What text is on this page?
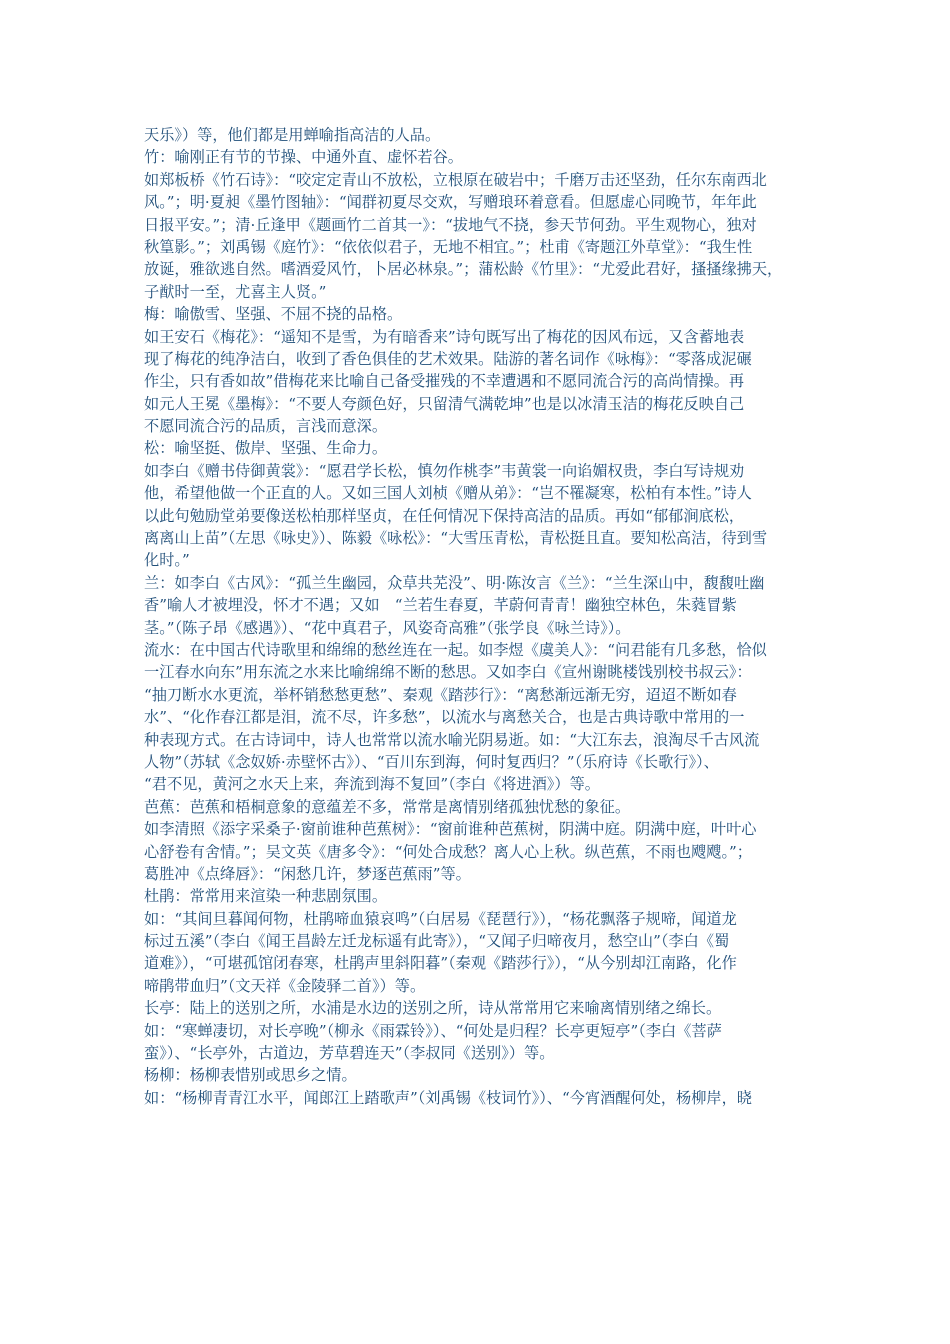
天乐》）等，他们都是用蝉喻指高洁的人品。
竹：喻刚正有节的节操、中通外直、虚怀若谷。
如郑板桥《竹石诗》：“咬定定青山不放松，立根原在破岩中；千磨万击还坚劲，任尔东南西北
风。”；明·夏昶《墨竹图轴》：“闻群初夏尽交欢，写赠琅环着意看。但愿虚心同晚节，年年此
日报平安。”；清·丘逢甲《题画竹二首其一》：“拔地气不挠，参天节何劲。平生观物心，独对
秋篁影。”；刘禹锡《庭竹》：“依依似君子，无地不相宜。”；杜甫《寄题江外草堂》：“我生性
放诞，雅欲逃自然。嗜酒爱风竹，卜居必林泉。”；蒲松龄《竹里》：“尤爱此君好，搔搔缘拂天，
子猷时一至，尤喜主人贤。”
梅：喻傲雪、坚强、不屈不挠的品格。
如王安石《梅花》：“遥知不是雪，为有暗香来”诗句既写出了梅花的因风布远，又含蓄地表
现了梅花的纯净洁白，收到了香色俱佳的艺术效果。陆游的著名词作《咏梅》：“零落成泥碾
作尘，只有香如故”借梅花来比喻自己备受摧残的不幸遭遇和不愿同流合污的高尚情操。再
如元人王冕《墨梅》：“不要人夸颜色好，只留清气满乾坤”也是以冰清玉洁的梅花反映自己
不愿同流合污的品质，言浅而意深。
松：喻坚挺、傲岸、坚强、生命力。
如李白《赠书侍御黄裳》：“愿君学长松，慎勿作桃李”韦黄裳一向谄媚权贵，李白写诗规劝
他，希望他做一个正直的人。又如三国人刘桢《赠从弟》：“岂不罹凝寒，松柏有本性。”诗人
以此句勉励堂弟要像送松柏那样坚贞，在任何情况下保持高洁的品质。再如“郁郁涧底松，
离离山上苗”（左思《咏史》）、陈毅《咏松》：“大雪压青松，青松挺且直。要知松高洁，待到雪
化时。”
兰：如李白《古风》：“孤兰生幽园，众草共芜没”、明·陈汝言《兰》：“兰生深山中，馥馥吐幽
香”喻人才被埋没，怀才不遇；又如　“兰若生春夏，芊蔚何青青！幽独空林色，朱蕤冒紫
茎。”（陈子昂《感遇》）、“花中真君子，风姿奇高雅”（张学良《咏兰诗》）。
流水：在中国古代诗歌里和绵绵的愁丝连在一起。如李煜《虞美人》：“问君能有几多愁，恰似
一江春水向东”用东流之水来比喻绵绵不断的愁思。又如李白《宣州谢眺楼饯别校书叔云》：
“抽刀断水水更流，举杯销愁愁更愁”、秦观《踏莎行》：“离愁渐远渐无穷，迢迢不断如春
水”、“化作春江都是泪，流不尽，许多愁”，以流水与离愁关合，也是古典诗歌中常用的一
种表现方式。在古诗词中，诗人也常常以流水喻光阴易逝。如：“大江东去，浪淘尽千古风流
人物”（苏轼《念奴娇·赤壁怀古》）、“百川东到海，何时复西归？”（乐府诗《长歌行》）、
“君不见，黄河之水天上来，奔流到海不复回”（李白《将进酒》）等。
芭蕉：芭蕉和梧桐意象的意蕴差不多，常常是离情别绪孤独忧愁的象征。
如李清照《添字采桑子·窗前谁种芭蕉树》：“窗前谁种芭蕉树，阴满中庭。阴满中庭，叶叶心
心舒卷有舍情。”；吴文英《唐多令》：“何处合成愁？离人心上秋。纵芭蕉，不雨也飕飕。”；
葛胜冲《点绛唇》：“闲愁几许，梦逐芭蕉雨”等。
杜鹃：常常用来渲染一种悲剧氛围。
如：“其间旦暮闻何物，杜鹃啼血猿哀鸣”（白居易《琵琶行》），“杨花飘落子规啼，闻道龙
标过五溪”（李白《闻王昌龄左迁龙标遥有此寄》），“又闻子归啼夜月，愁空山”（李白《蜀
道难》），“可堪孤馆闭春寒，杜鹃声里斜阳暮”（秦观《踏莎行》），“从今别却江南路，化作
啼鹃带血归”（文天祥《金陵驿二首》）等。
长亭：陆上的送别之所，水浦是水边的送别之所，诗从常常用它来喻离情别绪之绵长。
如：“寒蝉凄切，对长亭晚”（柳永《雨霖铃》）、“何处是归程？长亭更短亭”（李白《菩萨
蛮》）、“长亭外，古道边，芳草碧连天”（李叔同《送别》）等。
杨柳：杨柳表惜别或思乡之情。
如：“杨柳青青江水平，闻郎江上踏歌声”（刘禹锡《枝词竹》）、“今宵酒醒何处，杨柳岸，晓
